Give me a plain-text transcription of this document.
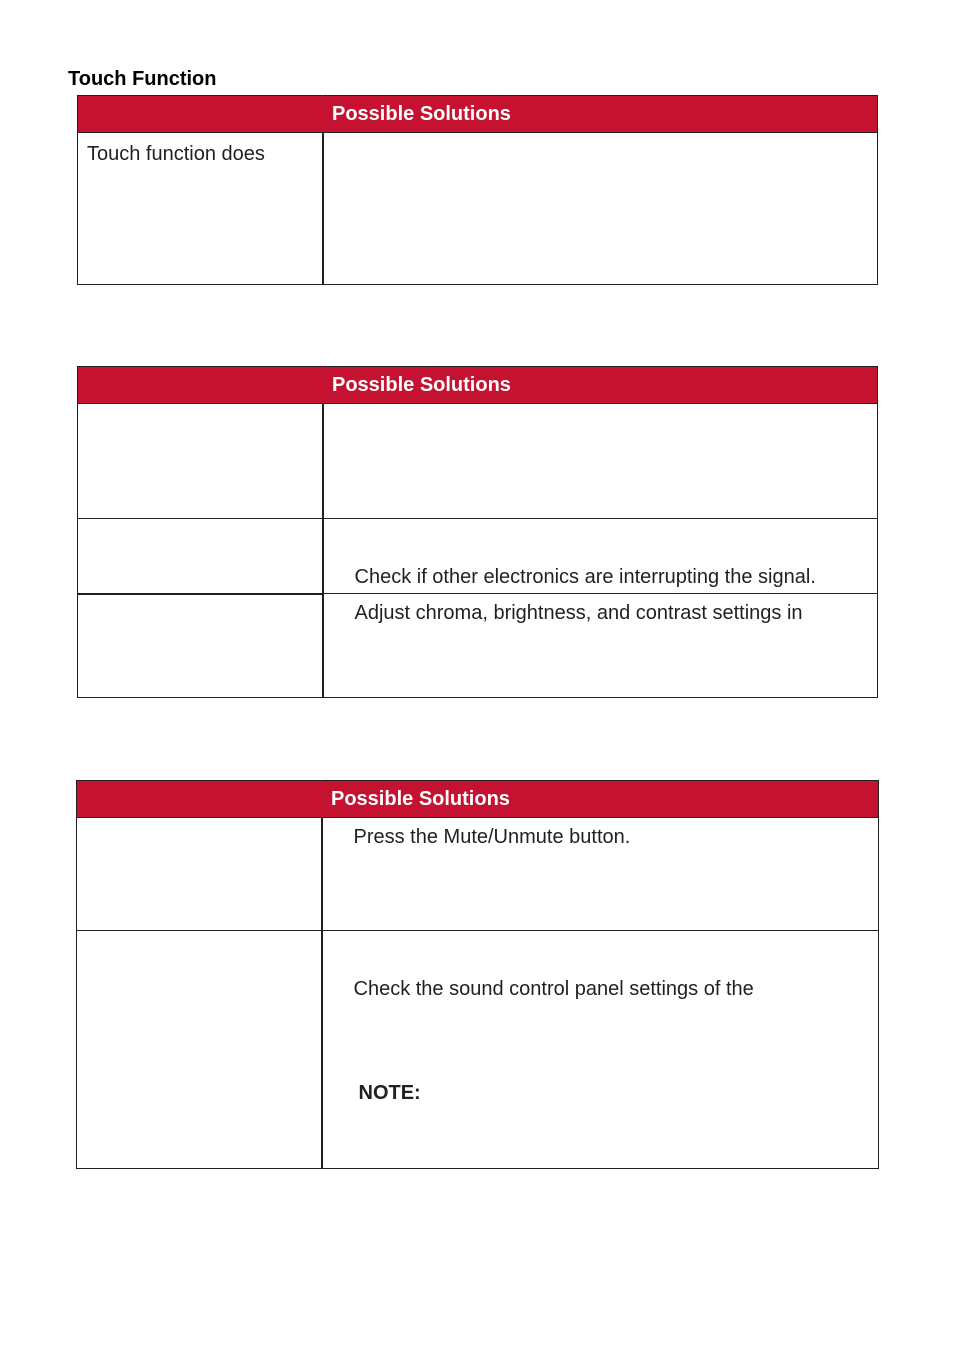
Touch Function

	Possible Solutions

Touch function does	

	Possible Solutions

	Check if other electronics are interrupting the signal.

	Adjust chroma, brightness, and contrast settings in

	Possible Solutions

	Press the Mute/Unmute button.

	Check the sound control panel settings of the
NOTE:
